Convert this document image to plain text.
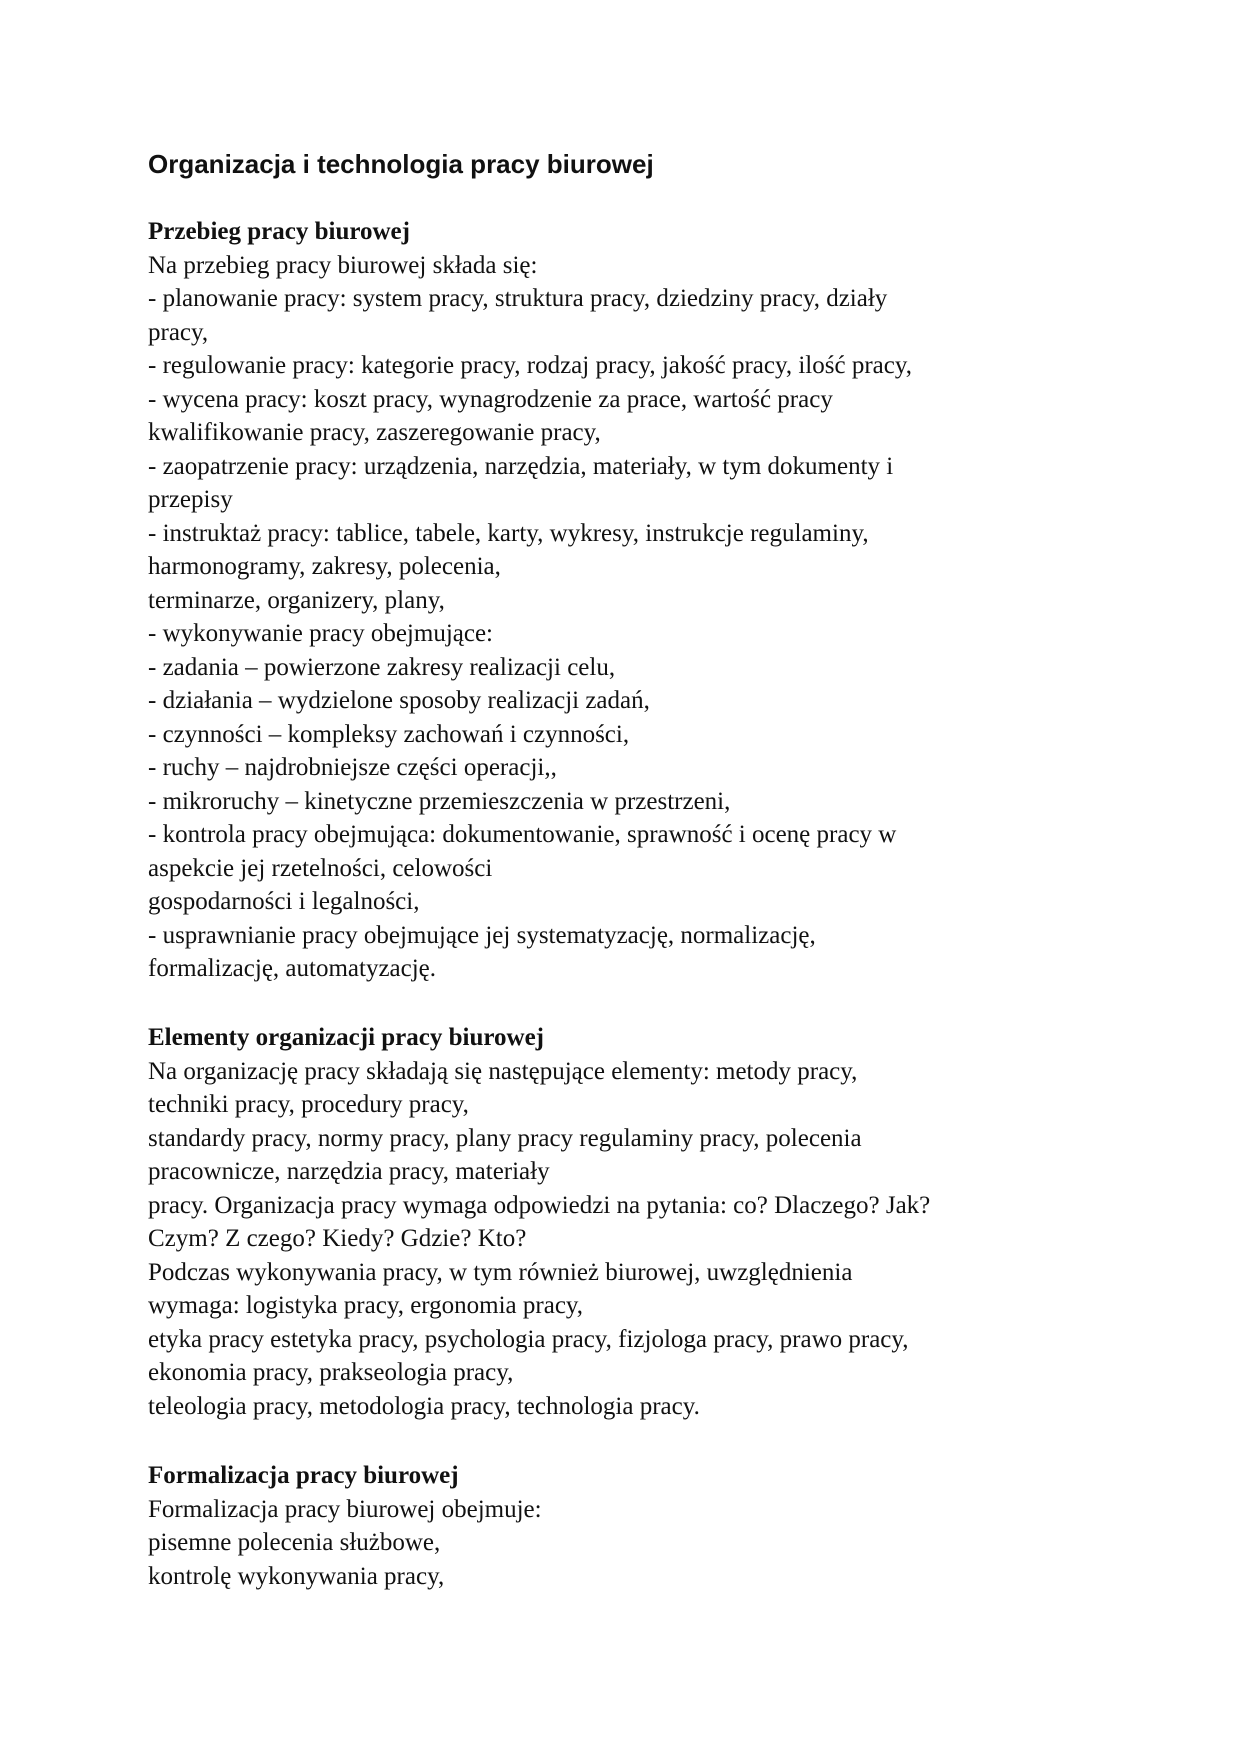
Organizacja i technologia pracy biurowej
Przebieg pracy biurowej

Na przebieg pracy biurowej składa się:

- planowanie pracy: system pracy, struktura pracy, dziedziny pracy, działy

pracy,

- regulowanie pracy: kategorie pracy, rodzaj pracy, jakość pracy, ilość pracy,

- wycena pracy: koszt pracy, wynagrodzenie za prace, wartość pracy

kwalifikowanie pracy, zaszeregowanie pracy,

- zaopatrzenie pracy: urządzenia, narzędzia, materiały, w tym dokumenty i

przepisy

- instruktaż pracy: tablice, tabele, karty, wykresy, instrukcje regulaminy,

harmonogramy, zakresy, polecenia,

terminarze, organizery, plany,

- wykonywanie pracy obejmujące:

- zadania – powierzone zakresy realizacji celu,

- działania – wydzielone sposoby realizacji zadań,

- czynności – kompleksy zachowań i czynności,

- ruchy – najdrobniejsze części operacji,,

- mikroruchy – kinetyczne przemieszczenia w przestrzeni,

- kontrola pracy obejmująca: dokumentowanie, sprawność i ocenę pracy w

aspekcie jej rzetelności, celowości

gospodarności i legalności,

- usprawnianie pracy obejmujące jej systematyzację, normalizację,

formalizację, automatyzację.

Elementy organizacji pracy biurowej

Na organizację pracy składają się następujące elementy: metody pracy,

techniki pracy, procedury pracy,

standardy pracy, normy pracy, plany pracy regulaminy pracy, polecenia

pracownicze, narzędzia pracy, materiały

pracy. Organizacja pracy wymaga odpowiedzi na pytania: co? Dlaczego? Jak?

Czym? Z czego? Kiedy? Gdzie? Kto?

Podczas wykonywania pracy, w tym również biurowej, uwzględnienia

wymaga: logistyka pracy, ergonomia pracy,

etyka pracy estetyka pracy, psychologia pracy, fizjologa pracy, prawo pracy,

ekonomia pracy, prakseologia pracy,

teleologia pracy, metodologia pracy, technologia pracy.

Formalizacja pracy biurowej

Formalizacja pracy biurowej obejmuje:

pisemne polecenia służbowe,

kontrolę wykonywania pracy,
